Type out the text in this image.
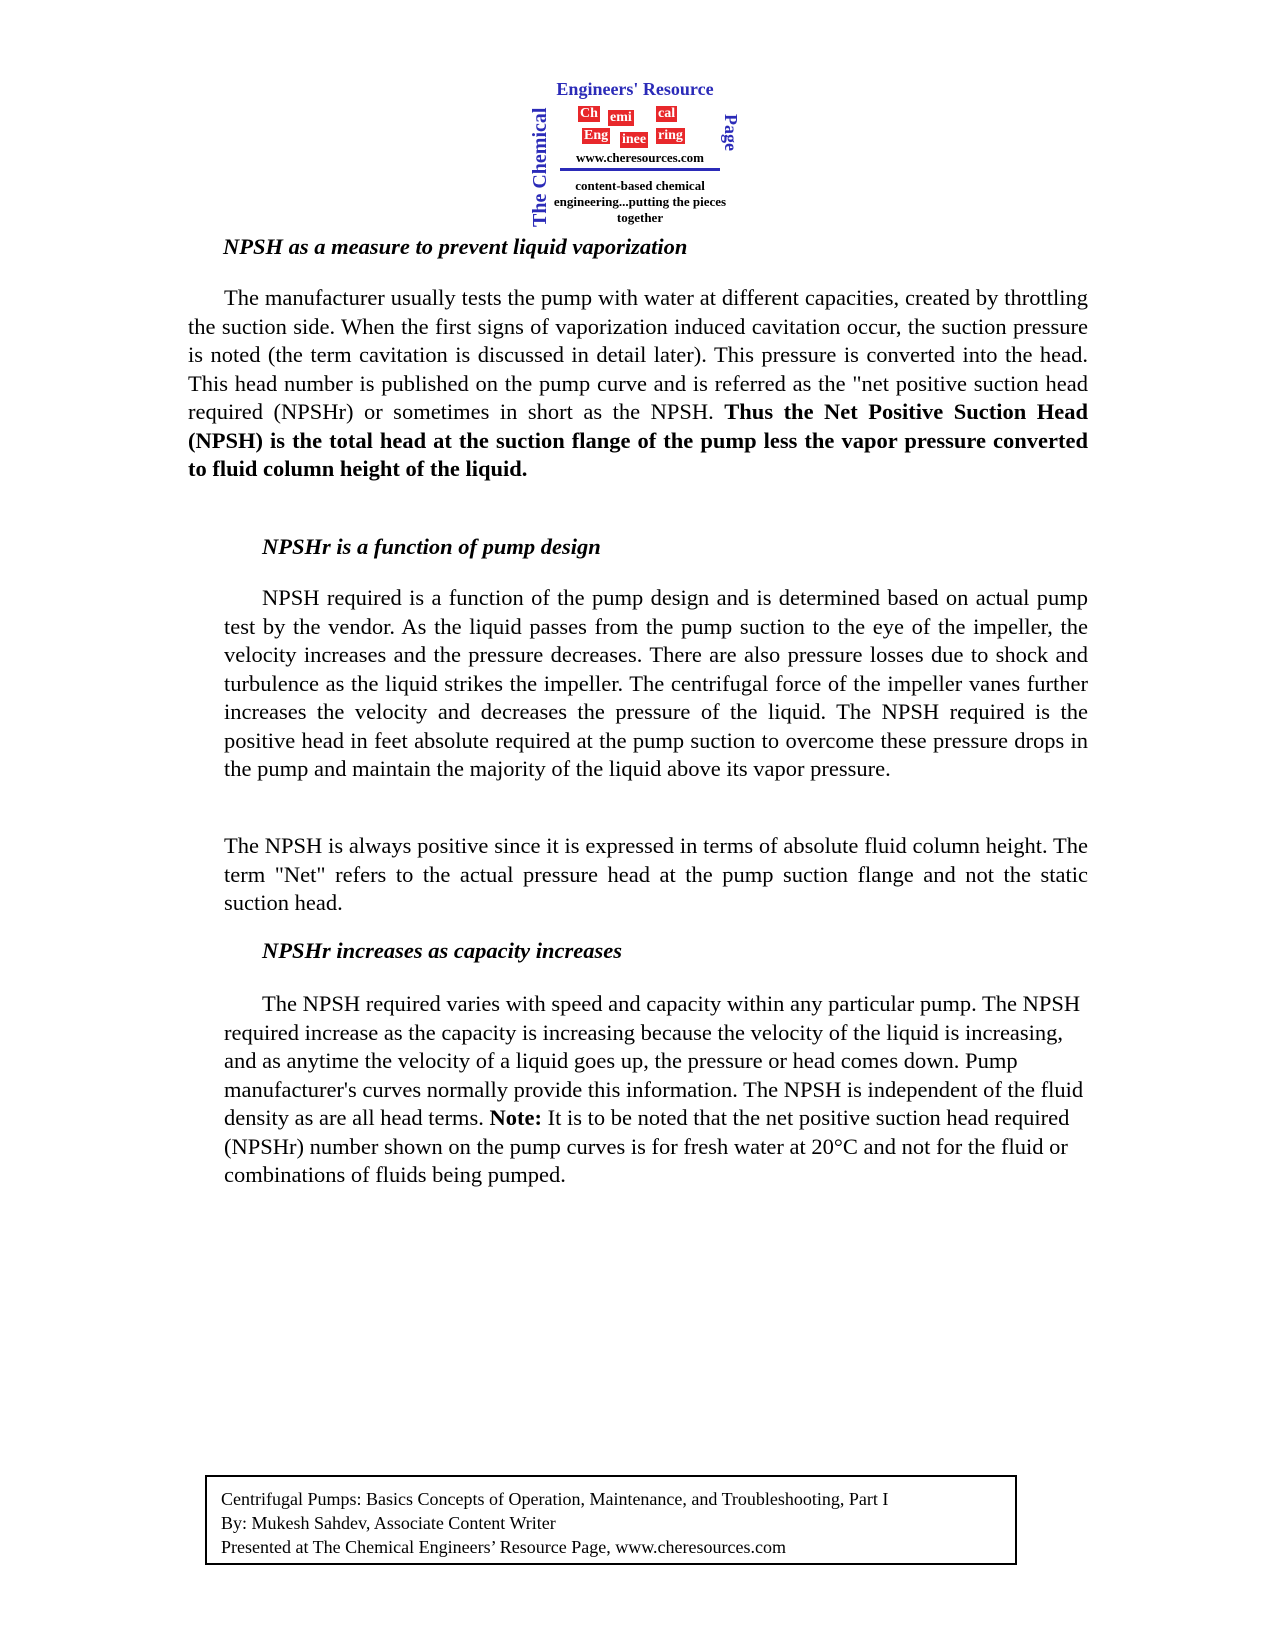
Engineers' Resource
The Chemical	Page
Ch emi cal
Eng inee ring
www.cheresources.com
content-based chemical engineering...putting the pieces together
NPSH as a measure to prevent liquid vaporization

The manufacturer usually tests the pump with water at different capacities, created by throttling the suction side. When the first signs of vaporization induced cavitation occur, the suction pressure is noted (the term cavitation is discussed in detail later). This pressure is converted into the head. This head number is published on the pump curve and is referred as the "net positive suction head required (NPSHr) or sometimes in short as the NPSH. Thus the Net Positive Suction Head (NPSH) is the total head at the suction flange of the pump less the vapor pressure converted to fluid column height of the liquid.

NPSHr is a function of pump design

NPSH required is a function of the pump design and is determined based on actual pump test by the vendor. As the liquid passes from the pump suction to the eye of the impeller, the velocity increases and the pressure decreases. There are also pressure losses due to shock and turbulence as the liquid strikes the impeller. The centrifugal force of the impeller vanes further increases the velocity and decreases the pressure of the liquid. The NPSH required is the positive head in feet absolute required at the pump suction to overcome these pressure drops in the pump and maintain the majority of the liquid above its vapor pressure.

The NPSH is always positive since it is expressed in terms of absolute fluid column height. The term "Net" refers to the actual pressure head at the pump suction flange and not the static suction head.

NPSHr increases as capacity increases

The NPSH required varies with speed and capacity within any particular pump. The NPSH required increase as the capacity is increasing because the velocity of the liquid is increasing, and as anytime the velocity of a liquid goes up, the pressure or head comes down. Pump manufacturer's curves normally provide this information. The NPSH is independent of the fluid density as are all head terms. Note: It is to be noted that the net positive suction head required (NPSHr) number shown on the pump curves is for fresh water at 20°C and not for the fluid or combinations of fluids being pumped.

Centrifugal Pumps: Basics Concepts of Operation, Maintenance, and Troubleshooting, Part I
By: Mukesh Sahdev, Associate Content Writer
Presented at The Chemical Engineers’ Resource Page, www.cheresources.com
